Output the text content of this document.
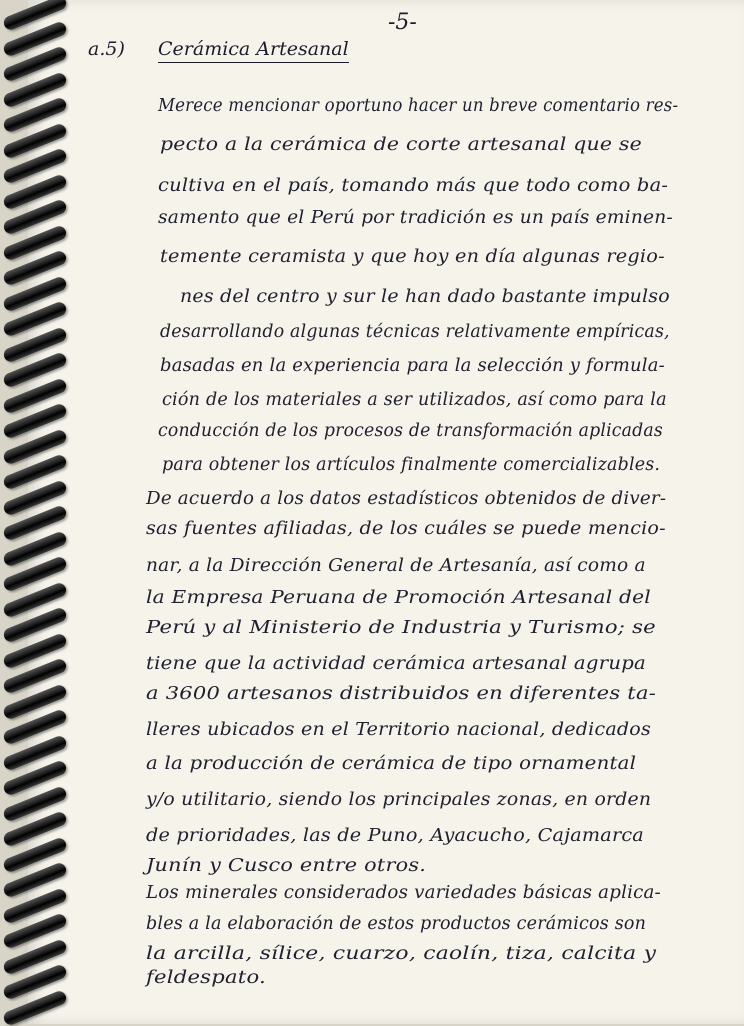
-5-
a.5) Cerámica Artesanal
Merece mencionar oportuno hacer un breve comentario res-
pecto a la cerámica de corte artesanal que se
cultiva en el país, tomando más que todo como ba-
samento que el Perú por tradición es un país eminen-
temente ceramista y que hoy en día algunas regio-
nes del centro y sur le han dado bastante impulso
desarrollando algunas técnicas relativamente empíricas,
basadas en la experiencia para la selección y formula-
ción de los materiales a ser utilizados, así como para la
conducción de los procesos de transformación aplicadas
para obtener los artículos finalmente comercializables.
De acuerdo a los datos estadísticos obtenidos de diver-
sas fuentes afiliadas, de los cuáles se puede mencio-
nar, a la Dirección General de Artesanía, así como a
la Empresa Peruana de Promoción Artesanal del
Perú y al Ministerio de Industria y Turismo; se
tiene que la actividad cerámica artesanal agrupa
a 3600 artesanos distribuidos en diferentes ta-
lleres ubicados en el Territorio nacional, dedicados
a la producción de cerámica de tipo ornamental
y/o utilitario, siendo los principales zonas, en orden
de prioridades, las de Puno, Ayacucho, Cajamarca
Junín y Cusco entre otros.
Los minerales considerados variedades básicas aplica-
bles a la elaboración de estos productos cerámicos son
la arcilla, sílice, cuarzo, caolín, tiza, calcita y
feldespato.
